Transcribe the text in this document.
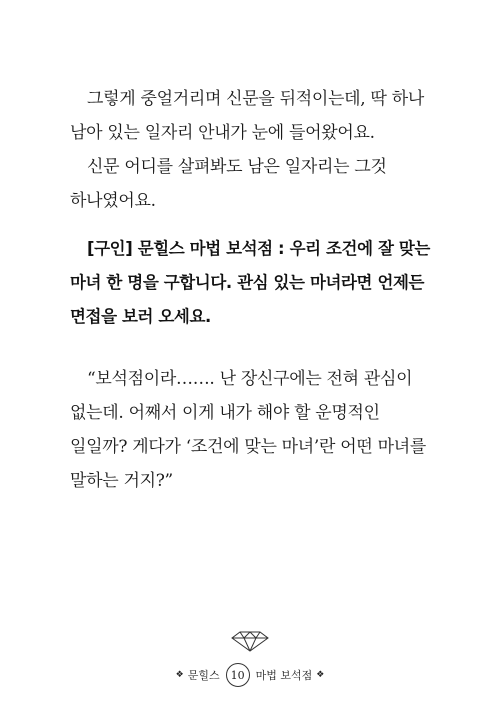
그렇게 중얼거리며 신문을 뒤적이는데, 딱 하나 남아 있는 일자리 안내가 눈에 들어왔어요.

신문 어디를 살펴봐도 남은 일자리는 그것 하나였어요.

[구인] 문힐스 마법 보석점 : 우리 조건에 잘 맞는 마녀 한 명을 구합니다. 관심 있는 마녀라면 언제든 면접을 보러 오세요.

“보석점이라……. 난 장신구에는 전혀 관심이 없는데. 어째서 이게 내가 해야 할 운명적인 일일까? 게다가 ‘조건에 맞는 마녀’란 어떤 마녀를 말하는 거지?”

❖ 문힐스	10	마법 보석점 ❖
